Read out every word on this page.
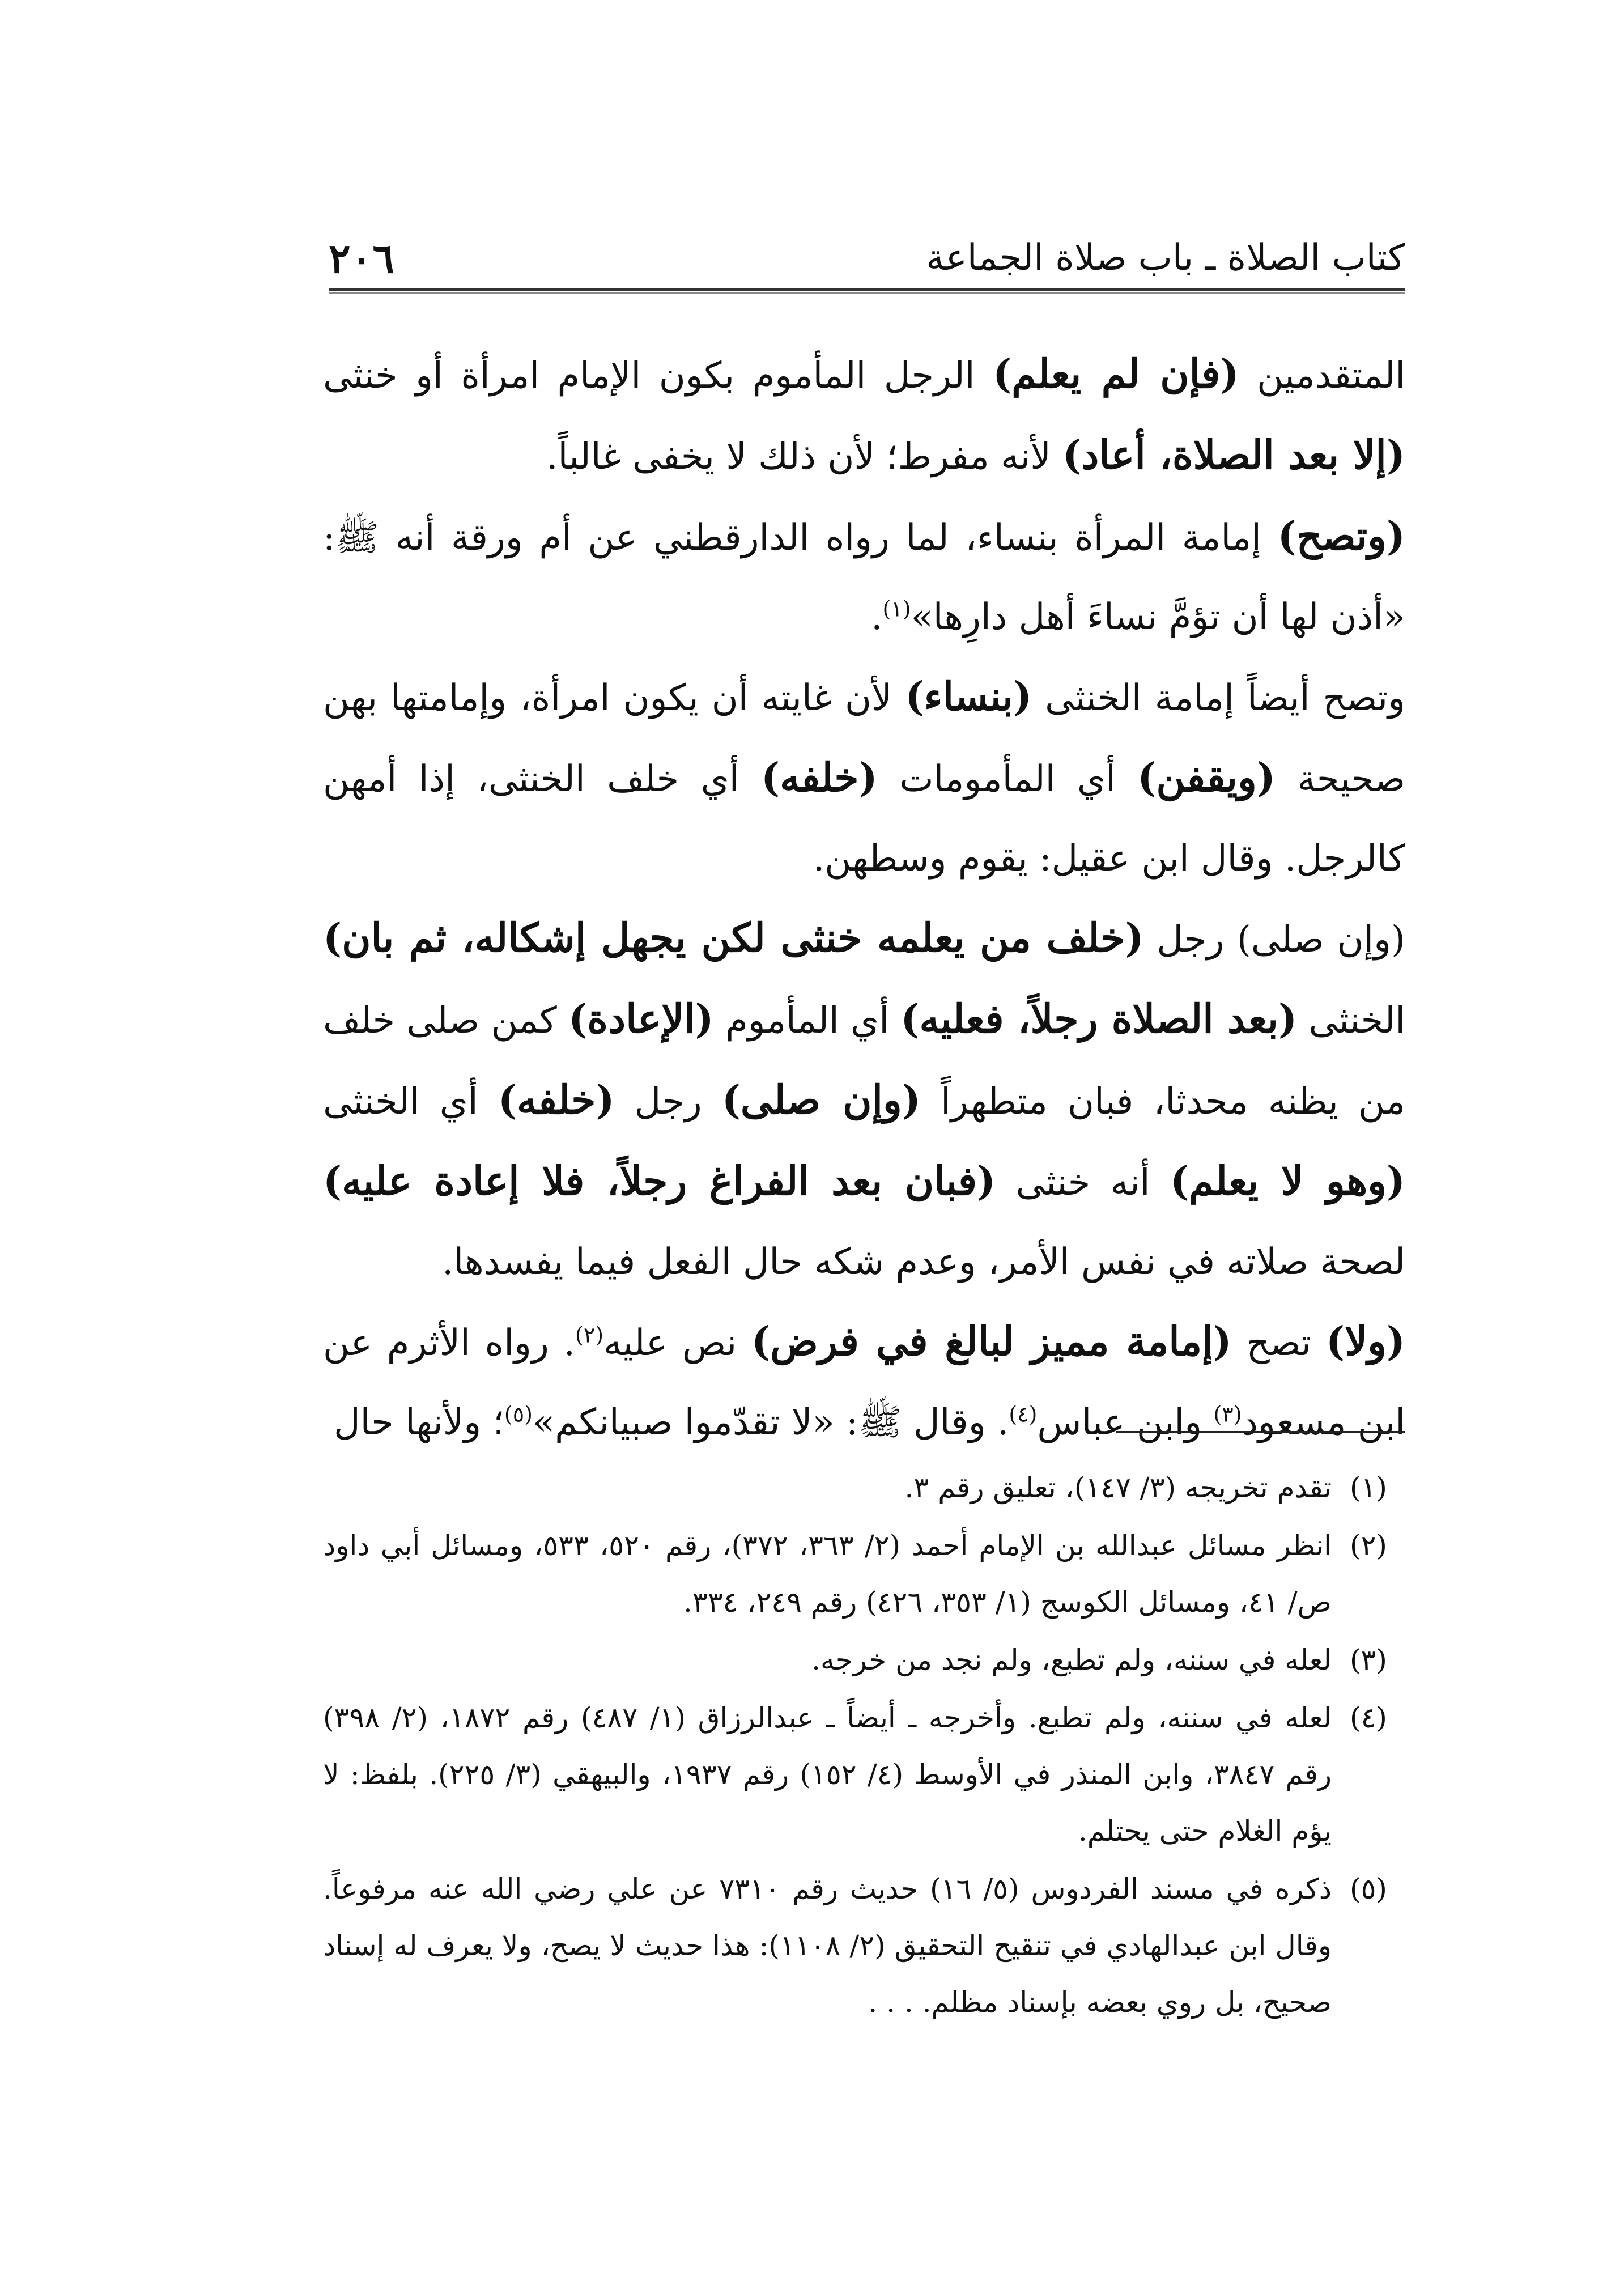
كتاب الصلاة ـ باب صلاة الجماعة
٢٠٦

المتقدمين (فإن لم يعلم) الرجل المأموم بكون الإمام امرأة أو خنثى (إلا بعد الصلاة، أعاد) لأنه مفرط؛ لأن ذلك لا يخفى غالباً.

(وتصح) إمامة المرأة بنساء، لما رواه الدارقطني عن أم ورقة أنه ﷺ: «أذن لها أن تؤمَّ نساءَ أهل دارِها»$^{(١)}$.

وتصح أيضاً إمامة الخنثى (بنساء) لأن غايته أن يكون امرأة، وإمامتها بهن صحيحة (ويقفن) أي المأمومات (خلفه) أي خلف الخنثى، إذا أمهن كالرجل. وقال ابن عقيل: يقوم وسطهن.

(وإن صلى) رجل (خلف من يعلمه خنثى لكن يجهل إشكاله، ثم بان) الخنثى (بعد الصلاة رجلاً، فعليه) أي المأموم (الإعادة) كمن صلى خلف من يظنه محدثا، فبان متطهراً (وإن صلى) رجل (خلفه) أي الخنثى (وهو لا يعلم) أنه خنثى (فبان بعد الفراغ رجلاً، فلا إعادة عليه) لصحة صلاته في نفس الأمر، وعدم شكه حال الفعل فيما يفسدها.

(ولا) تصح (إمامة مميز لبالغ في فرض) نص عليه$^{(٢)}$. رواه الأثرم عن ابن مسعود$^{(٣)}$ وابن عباس$^{(٤)}$. وقال ﷺ: «لا تقدّموا صبيانكم»$^{(٥)}$؛ ولأنها حال

(١)
تقدم تخريجه (٣/ ١٤٧)، تعليق رقم ٣.
(٢)
انظر مسائل عبدالله بن الإمام أحمد (٢/ ٣٦٣، ٣٧٢)، رقم ٥٢٠، ٥٣٣، ومسائل أبي داود ص/ ٤١، ومسائل الكوسج (١/ ٣٥٣، ٤٢٦) رقم ٢٤٩، ٣٣٤.
(٣)
لعله في سننه، ولم تطبع، ولم نجد من خرجه.
(٤)
لعله في سننه، ولم تطبع. وأخرجه ـ أيضاً ـ عبدالرزاق (١/ ٤٨٧) رقم ١٨٧٢، (٢/ ٣٩٨) رقم ٣٨٤٧، وابن المنذر في الأوسط (٤/ ١٥٢) رقم ١٩٣٧، والبيهقي (٣/ ٢٢٥). بلفظ: لا يؤم الغلام حتى يحتلم.
(٥)
ذكره في مسند الفردوس (٥/ ١٦) حديث رقم ٧٣١٠ عن علي رضي الله عنه مرفوعاً. وقال ابن عبدالهادي في تنقيح التحقيق (٢/ ١١٠٨): هذا حديث لا يصح، ولا يعرف له إسناد صحيح، بل روي بعضه بإسناد مظلم. . . .
